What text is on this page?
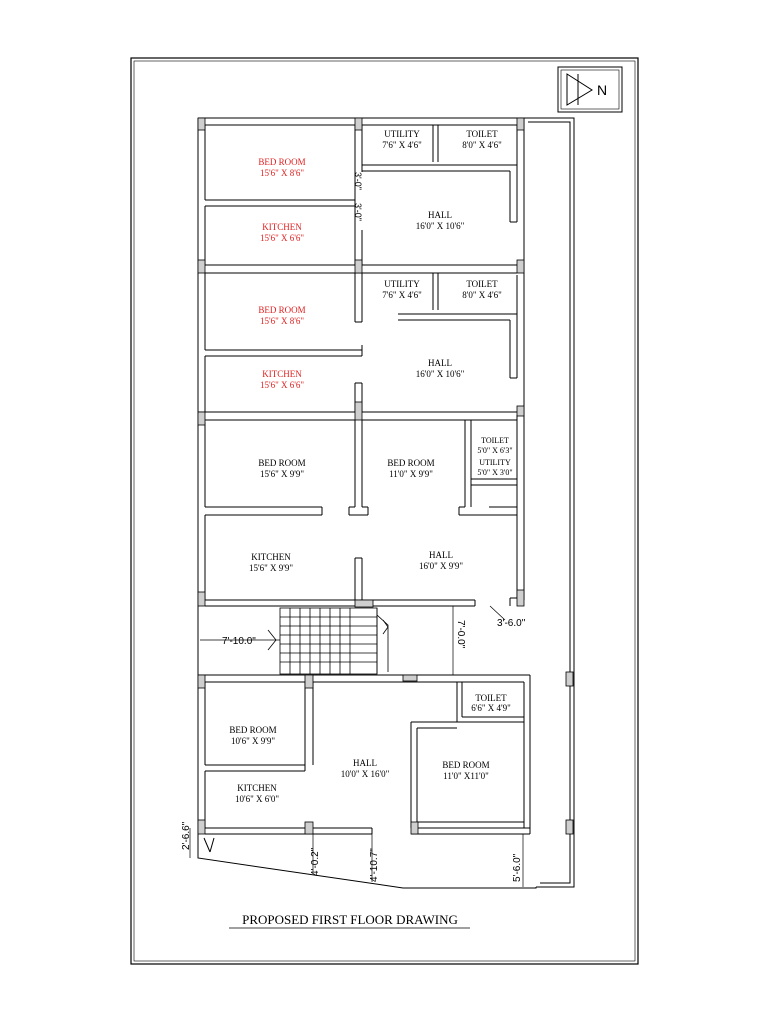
N
3'-0"
3'-0"
BED ROOM
15'6" X 8'6"
KITCHEN
15'6" X 6'6"
UTILITY
7'6" X 4'6"
TOILET
8'0" X 4'6"
HALL
16'0" X 10'6"
BED ROOM
15'6" X 8'6"
KITCHEN
15'6" X 6'6"
UTILITY
7'6" X 4'6"
TOILET
8'0" X 4'6"
HALL
16'0" X 10'6"
BED ROOM
15'6" X 9'9"
BED ROOM
11'0" X 9'9"
TOILET
5'0" X 6'3"
UTILITY
5'0" X 3'0"
KITCHEN
15'6" X 9'9"
HALL
16'0" X 9'9"
BED ROOM
10'6" X 9'9"
KITCHEN
10'6" X 6'0"
HALL
10'0" X 16'0"
TOILET
6'6" X 4'9"
BED ROOM
11'0" X11'0"
3'-6.0"
7'-10.0"	7'-0.0"
2'-6.6"
4'-0.2"	4'-10.7"	5'-6.0"
PROPOSED FIRST FLOOR DRAWING
